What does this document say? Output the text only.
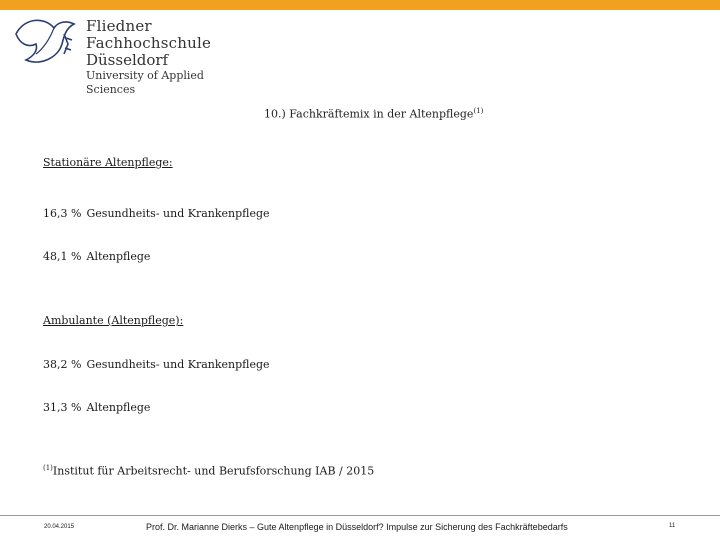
Fliedner Fachhochschule
Düsseldorf
University of Applied Sciences
10.) Fachkräftemix in der Altenpflege$^{(1)}$
Stationäre Altenpflege:
16,3 % Gesundheits- und Krankenpflege
48,1 % Altenpflege
Ambulante (Altenpflege):
38,2 % Gesundheits- und Krankenpflege
31,3 % Altenpflege
$^{(1)}$Institut für Arbeitsrecht- und Berufsforschung IAB / 2015
20.04.2015	Prof. Dr. Marianne Dierks – Gute Altenpflege in Düsseldorf? Impulse zur Sicherung des Fachkräftebedarfs	11
